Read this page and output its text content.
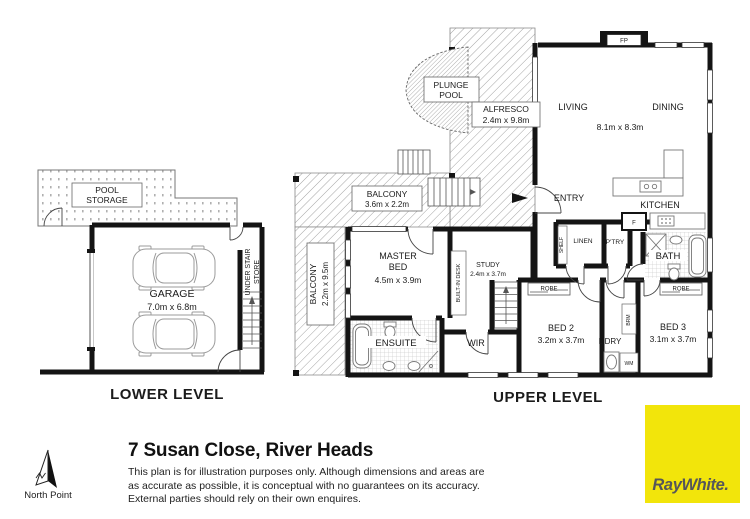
POOL
STORAGE
GARAGE
7.0m x 6.8m
UNDER STAIR STORE
LOWER LEVEL
FP
F
ROBE	ROBE
PLUNGE
POOL
ALFRESCO
2.4m x 9.8m
LIVING	DINING
8.1m x 8.3m
ENTRY
KITCHEN
BALCONY
3.6m x 2.2m
BALCONY 2.2m x 9.5m
MASTER
BED
4.5m x 3.9m
STUDY
2.4m x 3.7m
BUILT-IN DESK
ENSUITE	WIR
LINEN P'TRY
SHELF
BATH
BED 2
3.2m x 3.7m
BED 3
3.1m x 3.7m
L'DRY
BRM
WM
UPPER LEVEL
North Point
7 Susan Close, River Heads
This plan is for illustration purposes only. Although dimensions and areas are
as accurate as possible, it is conceptual with no guarantees on its accuracy.
External parties should rely on their own enquires.
RayWhite.
